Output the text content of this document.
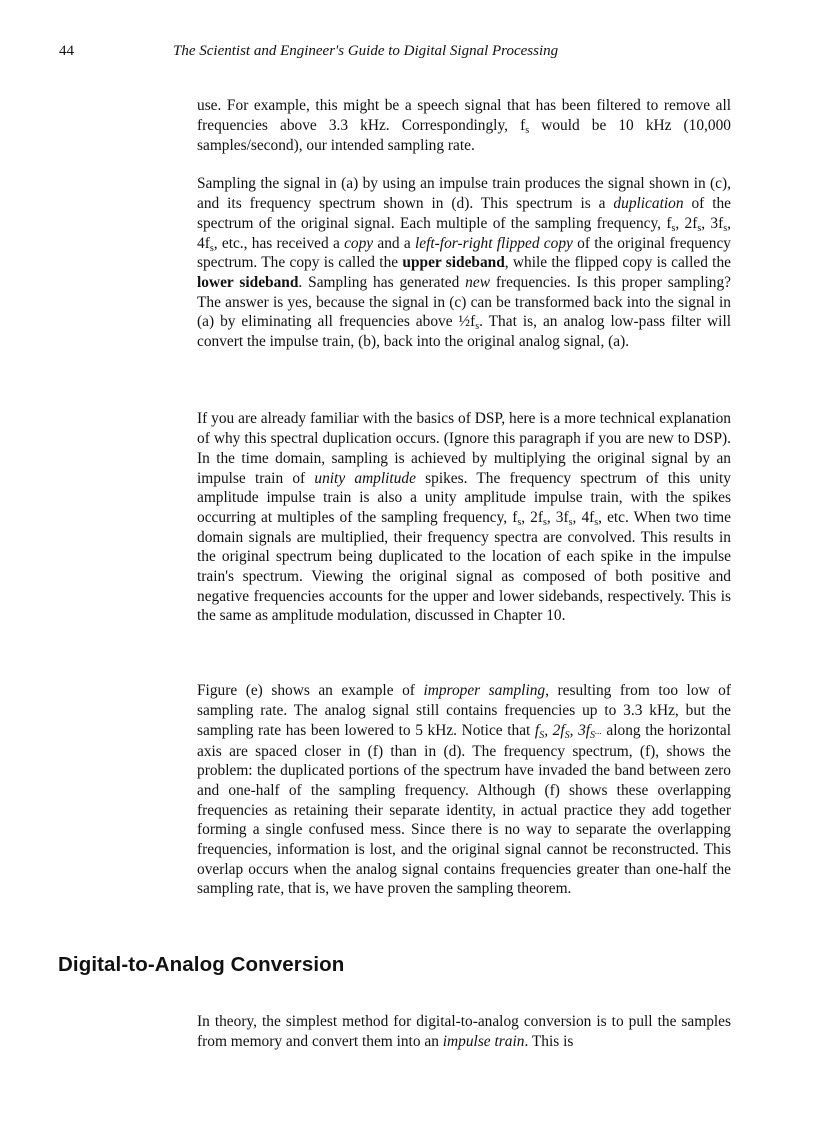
44	The Scientist and Engineer's Guide to Digital Signal Processing

use. For example, this might be a speech signal that has been filtered to remove all frequencies above 3.3 kHz. Correspondingly, $f_s$ would be 10 kHz (10,000 samples/second), our intended sampling rate.

Sampling the signal in (a) by using an impulse train produces the signal shown in (c), and its frequency spectrum shown in (d). This spectrum is a duplication of the spectrum of the original signal. Each multiple of the sampling frequency, $f_s$, $2f_s$, $3f_s$, $4f_s$, etc., has received a copy and a left-for-right flipped copy of the original frequency spectrum. The copy is called the upper sideband, while the flipped copy is called the lower sideband. Sampling has generated new frequencies. Is this proper sampling? The answer is yes, because the signal in (c) can be transformed back into the signal in (a) by eliminating all frequencies above $\frac{1}{2}f_s$. That is, an analog low-pass filter will convert the impulse train, (b), back into the original analog signal, (a).

If you are already familiar with the basics of DSP, here is a more technical explanation of why this spectral duplication occurs. (Ignore this paragraph if you are new to DSP). In the time domain, sampling is achieved by multiplying the original signal by an impulse train of unity amplitude spikes. The frequency spectrum of this unity amplitude impulse train is also a unity amplitude impulse train, with the spikes occurring at multiples of the sampling frequency, $f_s$, $2f_s$, $3f_s$, $4f_s$, etc. When two time domain signals are multiplied, their frequency spectra are convolved. This results in the original spectrum being duplicated to the location of each spike in the impulse train's spectrum. Viewing the original signal as composed of both positive and negative frequencies accounts for the upper and lower sidebands, respectively. This is the same as amplitude modulation, discussed in Chapter 10.

Figure (e) shows an example of improper sampling, resulting from too low of sampling rate. The analog signal still contains frequencies up to 3.3 kHz, but the sampling rate has been lowered to 5 kHz. Notice that $f_S$, $2f_S$, $3f_S$... along the horizontal axis are spaced closer in (f) than in (d). The frequency spectrum, (f), shows the problem: the duplicated portions of the spectrum have invaded the band between zero and one-half of the sampling frequency. Although (f) shows these overlapping frequencies as retaining their separate identity, in actual practice they add together forming a single confused mess. Since there is no way to separate the overlapping frequencies, information is lost, and the original signal cannot be reconstructed. This overlap occurs when the analog signal contains frequencies greater than one-half the sampling rate, that is, we have proven the sampling theorem.

Digital-to-Analog Conversion

In theory, the simplest method for digital-to-analog conversion is to pull the samples from memory and convert them into an impulse train. This is
